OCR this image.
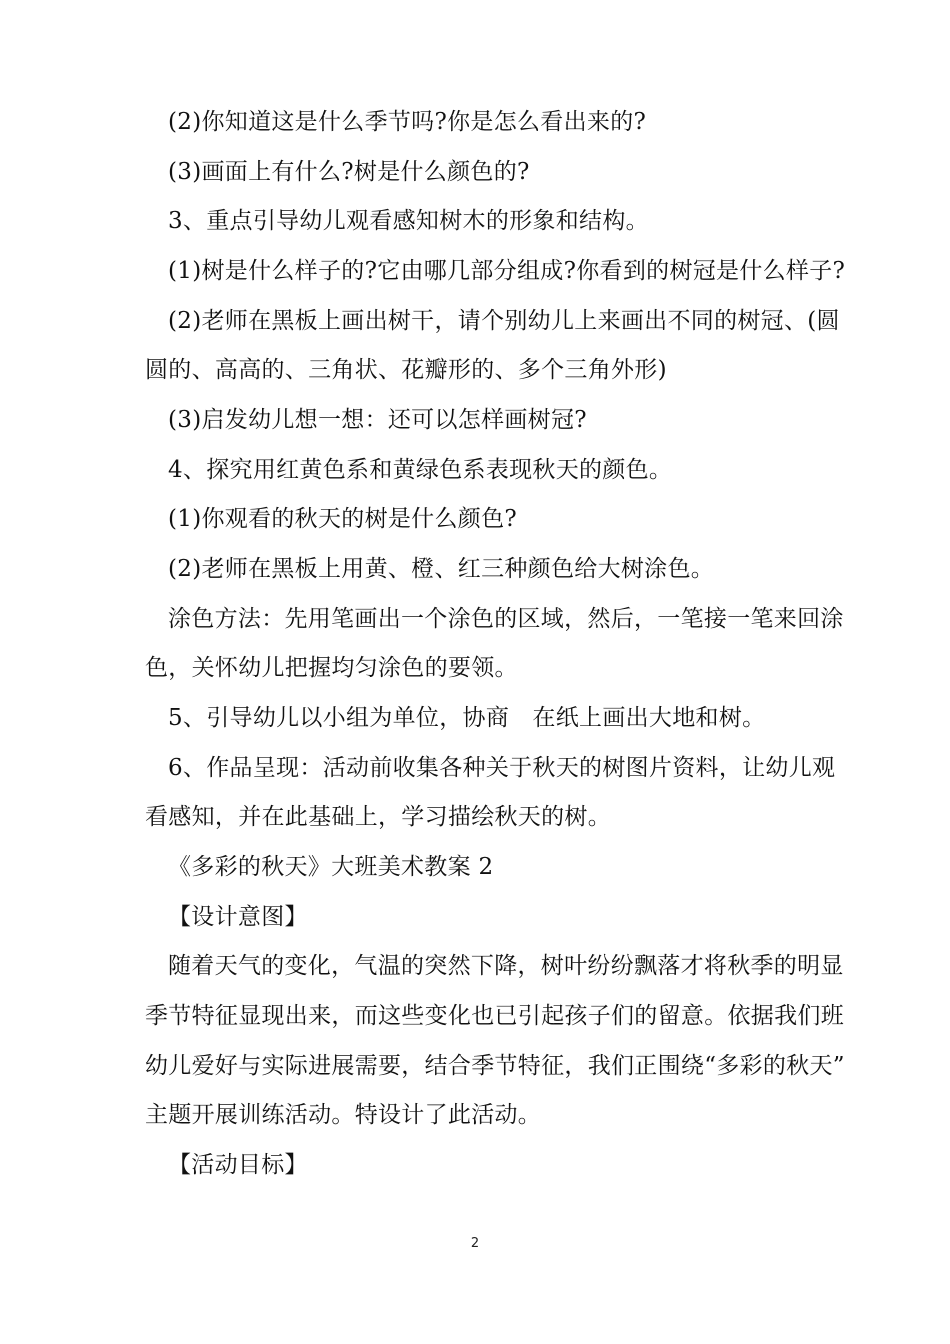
(2)你知道这是什么季节吗?你是怎么看出来的?
(3)画面上有什么?树是什么颜色的?
3、重点引导幼儿观看感知树木的形象和结构。
(1)树是什么样子的?它由哪几部分组成?你看到的树冠是什么样子?
(2)老师在黑板上画出树干，请个别幼儿上来画出不同的树冠、(圆
圆的、高高的、三角状、花瓣形的、多个三角外形)
(3)启发幼儿想一想：还可以怎样画树冠?
4、探究用红黄色系和黄绿色系表现秋天的颜色。
(1)你观看的秋天的树是什么颜色?
(2)老师在黑板上用黄、橙、红三种颜色给大树涂色。
涂色方法：先用笔画出一个涂色的区域，然后，一笔接一笔来回涂
色，关怀幼儿把握均匀涂色的要领。
5、引导幼儿以小组为单位，协商　在纸上画出大地和树。
6、作品呈现：活动前收集各种关于秋天的树图片资料，让幼儿观
看感知，并在此基础上，学习描绘秋天的树。
《多彩的秋天》大班美术教案 2
【设计意图】
随着天气的变化，气温的突然下降，树叶纷纷飘落才将秋季的明显
季节特征显现出来，而这些变化也已引起孩子们的留意。依据我们班
幼儿爱好与实际进展需要，结合季节特征，我们正围绕“多彩的秋天”
主题开展训练活动。特设计了此活动。
【活动目标】
2
